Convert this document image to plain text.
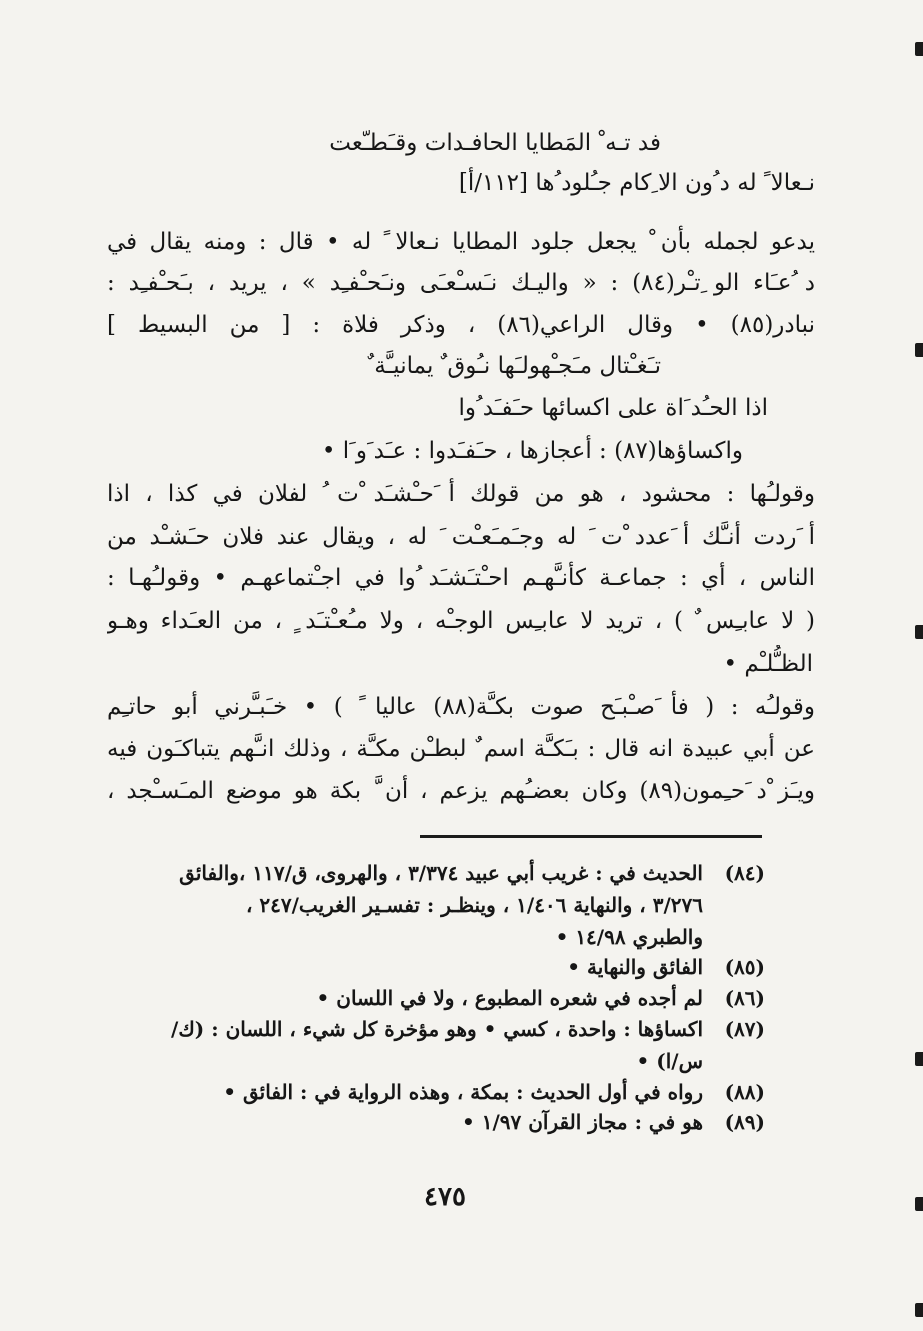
فد تـه ْ المَطايا الحافـدات وقـَطـّعت
نـعالا ً له د ُون الا ِكام جـُلود ُها [١١٢/أ]
يدعو لجمله بأن ْ يجعل جلود المطايا نـعالا ً له • قال : ومنه يقال في
د ُعـَاء الو ِتـْر(٨٤) : « واليـك نـَسـْعـَى ونـَحـْفـِد » ، يريد ، بـَحـْفـِد :
نبادر(٨٥) • وقال الراعي(٨٦) ، وذكر فلاة : [ من البسيط ]
تـَغـْتال مـَجـْهولـَها نـُوق ٌ يمانيـَّة ٌ
اذا الحـُد َاة على اكسائها حـَفـَد ُوا
واكساؤها(٨٧) : أعجازها ، حـَفـَدوا : عـَد َو َا •
وقولـُها : محشود ، هو من قولك أ َحـْشـَد ْت ُ لفلان في كذا ، اذا
أ َردت أنـَّك أ َعدد ْت َ له وجـَمـَعـْت َ له ، ويقال عند فلان حـَشـْد من
الناس ، أي : جماعـة كأنـَّهـم احـْتـَشـَد ُوا في اجـْتماعهـم • وقولـُهـا :
( لا عابـِس ٌ ) ، تريد لا عابـِس الوجـْه ، ولا مـُعـْتـَد ٍ ، من العـَداء وهـو
الظـُّلـْم •
وقولـُه : ( فأ َصـْبـَح صوت بكـَّة(٨٨) عاليا ً ) • خـَبـَّرني أبو حاتـِم
عن أبي عبيدة انه قال : بـَكـَّة اسم ٌ لبطـْن مكـَّة ، وذلك انـَّهم يتباكـَون فيه
ويـَز ْد َحـِمون(٨٩) وكان بعضـُهم يزعم ، أن َّ بكة هو موضع المـَسـْجد ،
(٨٤)
الحديث في : غريب أبي عبيد ٣/٣٧٤ ، والهروى، ق/١١٧ ،والفائق
٣/٢٧٦ ، والنهاية ١/٤٠٦ ، وينظـر : تفسـير الغريب/٢٤٧ ،
والطبري ١٤/٩٨ •
(٨٥)
الفائق والنهاية •
(٨٦)
لم أجده في شعره المطبوع ، ولا في اللسان •
(٨٧)
اكساؤها : واحدة ، كسي • وهو مؤخرة كل شيء ، اللسان : (ك/
س/ا) •
(٨٨)
رواه في أول الحديث : بمكة ، وهذه الرواية في : الفائق •
(٨٩)
هو في : مجاز القرآن ١/٩٧ •
٤٧٥
